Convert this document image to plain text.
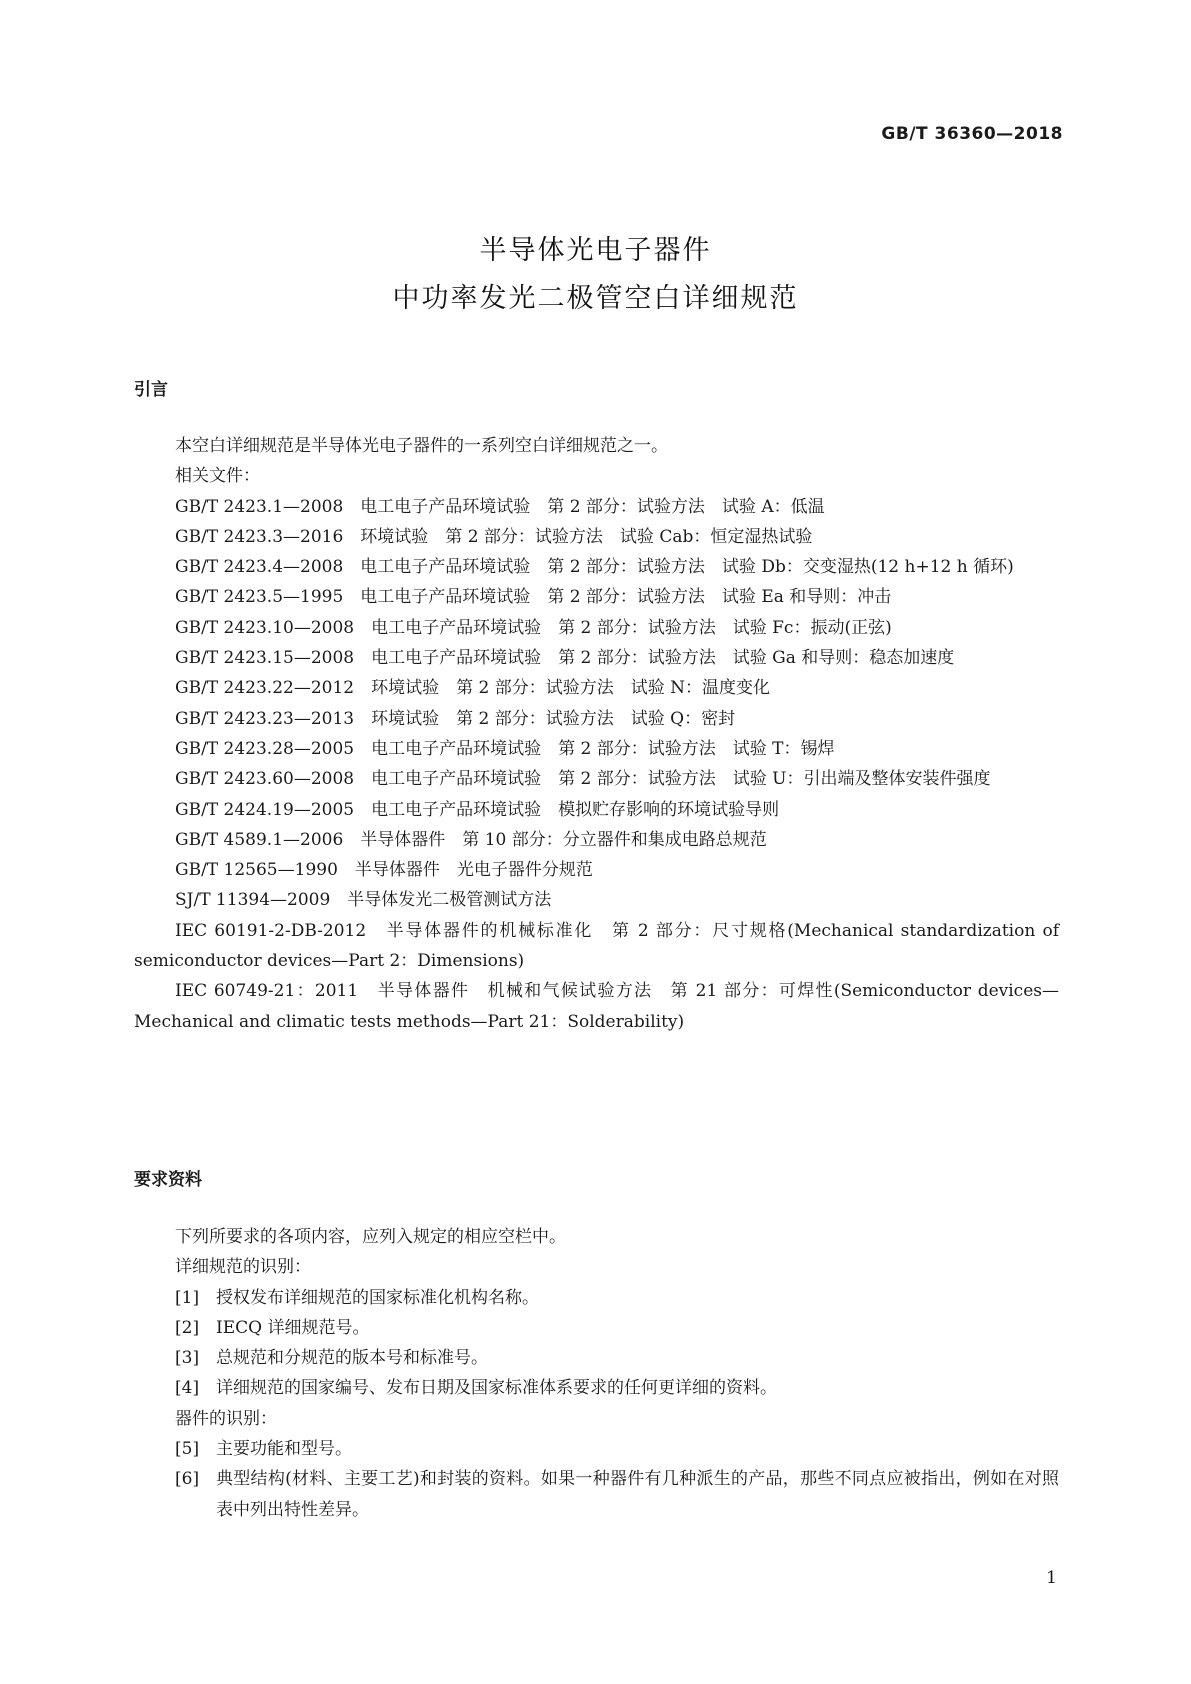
GB/T 36360—2018
半导体光电子器件
中功率发光二极管空白详细规范
引言

本空白详细规范是半导体光电子器件的一系列空白详细规范之一。

相关文件：

GB/T 2423.1—2008　电工电子产品环境试验　第 2 部分：试验方法　试验 A：低温

GB/T 2423.3—2016　环境试验　第 2 部分：试验方法　试验 Cab：恒定湿热试验

GB/T 2423.4—2008　电工电子产品环境试验　第 2 部分：试验方法　试验 Db：交变湿热(12 h+12 h 循环)

GB/T 2423.5—1995　电工电子产品环境试验　第 2 部分：试验方法　试验 Ea 和导则：冲击

GB/T 2423.10—2008　电工电子产品环境试验　第 2 部分：试验方法　试验 Fc：振动(正弦)

GB/T 2423.15—2008　电工电子产品环境试验　第 2 部分：试验方法　试验 Ga 和导则：稳态加速度

GB/T 2423.22—2012　环境试验　第 2 部分：试验方法　试验 N：温度变化

GB/T 2423.23—2013　环境试验　第 2 部分：试验方法　试验 Q：密封

GB/T 2423.28—2005　电工电子产品环境试验　第 2 部分：试验方法　试验 T：锡焊

GB/T 2423.60—2008　电工电子产品环境试验　第 2 部分：试验方法　试验 U：引出端及整体安装件强度

GB/T 2424.19—2005　电工电子产品环境试验　模拟贮存影响的环境试验导则

GB/T 4589.1—2006　半导体器件　第 10 部分：分立器件和集成电路总规范

GB/T 12565—1990　半导体器件　光电子器件分规范

SJ/T 11394—2009　半导体发光二极管测试方法

IEC 60191-2-DB-2012　半导体器件的机械标准化　第 2 部分：尺寸规格(Mechanical standardization of semiconductor devices—Part 2：Dimensions)

IEC 60749-21：2011　半导体器件　机械和气候试验方法　第 21 部分：可焊性(Semiconductor devices—Mechanical and climatic tests methods—Part 21：Solderability)

要求资料

下列所要求的各项内容，应列入规定的相应空栏中。

详细规范的识别：

[1] 授权发布详细规范的国家标准化机构名称。
[2] IECQ 详细规范号。
[3] 总规范和分规范的版本号和标准号。
[4] 详细规范的国家编号、发布日期及国家标准体系要求的任何更详细的资料。

器件的识别：

[5] 主要功能和型号。
[6] 典型结构(材料、主要工艺)和封装的资料。如果一种器件有几种派生的产品，那些不同点应被指出，例如在对照表中列出特性差异。
1
